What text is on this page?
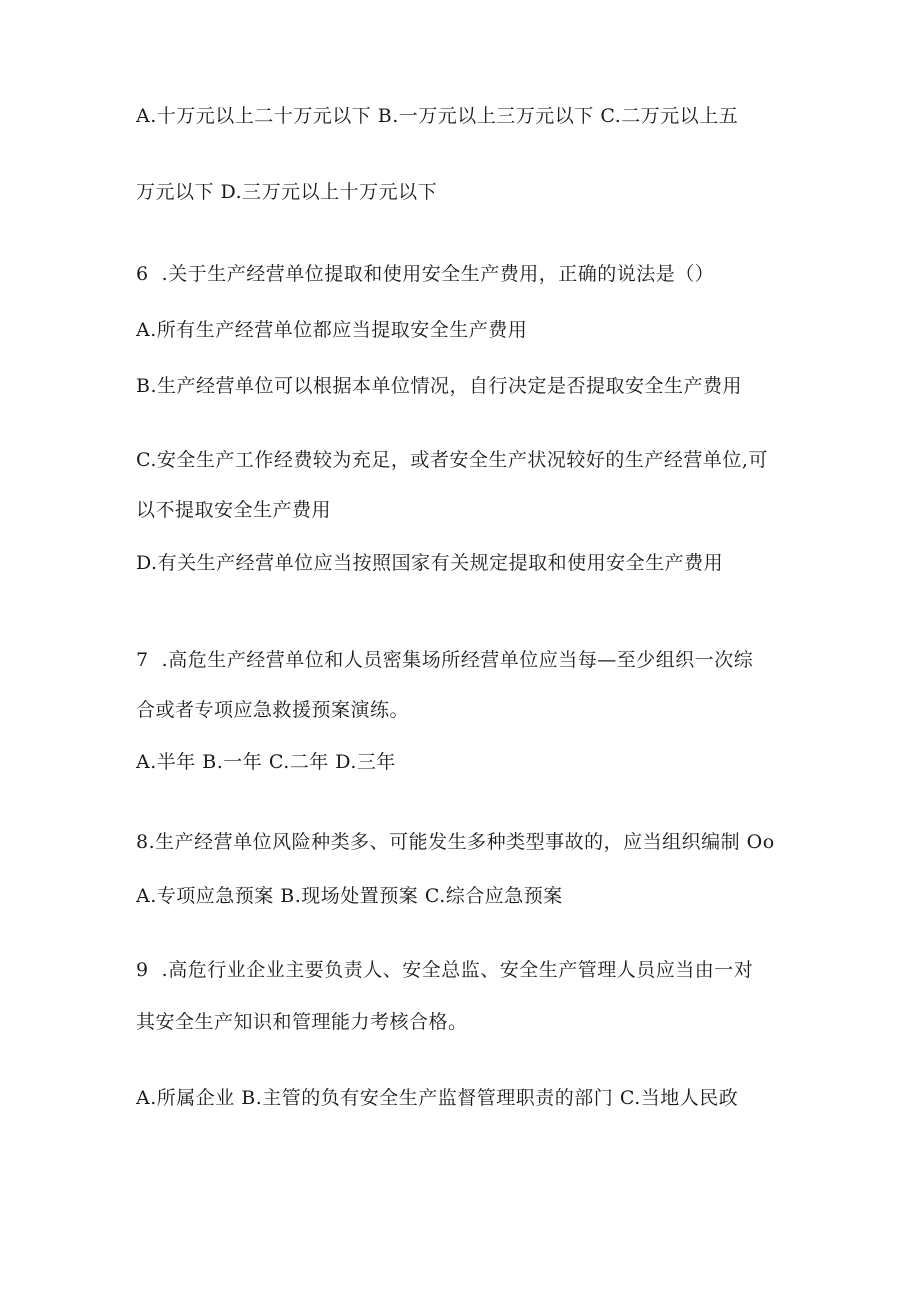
A.十万元以上二十万元以下 B.一万元以上三万元以下 C.二万元以上五
万元以下 D.三万元以上十万元以下
6  .关于生产经营单位提取和使用安全生产费用，正确的说法是（）
A.所有生产经营单位都应当提取安全生产费用
B.生产经营单位可以根据本单位情况，自行决定是否提取安全生产费用
C.安全生产工作经费较为充足，或者安全生产状况较好的生产经营单位,可
以不提取安全生产费用
D.有关生产经营单位应当按照国家有关规定提取和使用安全生产费用
7  .高危生产经营单位和人员密集场所经营单位应当每—至少组织一次综
合或者专项应急救援预案演练。
A.半年 B.一年 C.二年 D.三年
8.生产经营单位风险种类多、可能发生多种类型事故的，应当组织编制 Oo
A.专项应急预案 B.现场处置预案 C.综合应急预案
9  .高危行业企业主要负责人、安全总监、安全生产管理人员应当由一对
其安全生产知识和管理能力考核合格。
A.所属企业 B.主管的负有安全生产监督管理职责的部门 C.当地人民政
